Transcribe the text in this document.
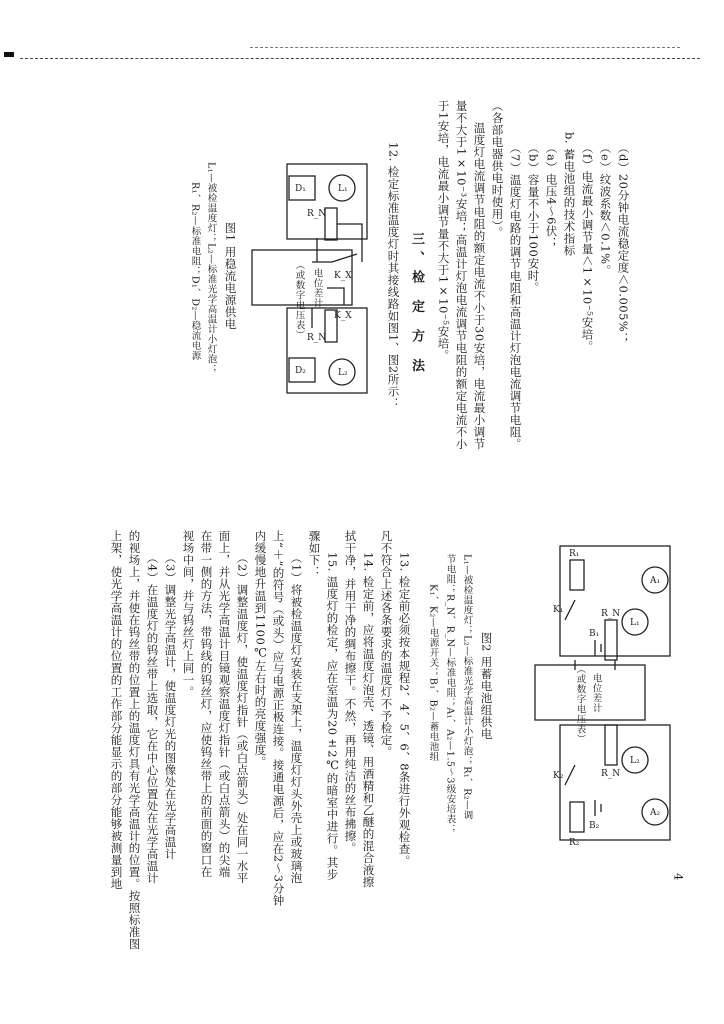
4
（d）20分钟电流稳定度＜0.005%；
（e）纹波系数＜0.1%。
（f）电流最小调节量＜1×10⁻⁵安培。
b. 蓄电池组的技术指标
（a）电压4～6伏；
（b）容量不小于100安时。
（7）温度灯电路的调节电阻和高温计灯泡电流调节电阻。
（各部电器供电时使用）。
温度灯电流调节电阻的额定电流不小于30安培，电流最小调节
量不大于1×10⁻³安培；高温计灯泡电流调节电阻的额定电流不小
于1安培，电流最小调节量不大于1×10⁻⁵安培。
三、检 定 方 法
12. 检定标准温度灯时其接线路如图1、图2所示：
L₁
D₁
L₂
D₂
R_N
R_N
K_X
K_X
电位差计
（或数字电压表）
图1 用稳流电源供电
L₁—被检温度灯；L₂—标准光学高温计小灯泡；
R₁、R₂—标准电阻；D₁、D₂—稳流电源
A₁
L₁
R₁
K₁
B₁
R_N
R_N
L₂
A₂
K₂
B₂
R₂
电位差计
（或数字电压表）
图2 用蓄电池组供电
L₁—被检温度灯；L₂—标准光学高温计小灯泡；R₁、R₂—调
节电阻；R_N、R_N—标准电阻；A₁、A₂—1.5～3级安培表；
K₁、K₂—电源开关；B₁、B₂—蓄电池组
13. 检定前必须按本规程2、4、5、6、8条进行外观检查。
凡不符合上述各条要求的温度灯不予检定。
14. 检定前，应将温度灯泡壳、透镜、用酒精和乙醚的混合液擦
拭干净，并用干净的绸布擦干。不然，再用纯洁的丝布拂擦。
15. 温度灯的检定，应在室温为20±2℃的暗室中进行。其步
骤如下：
（1）将被检温度灯安装在支架上，温度灯灯头外壳上或玻璃泡
上“＋”的符号（或头）应与电源正极连接。接通电源后，应在2～3分钟
内缓慢地升温到1100℃左右时的亮度强度。
（2）调整温度灯，使温度灯指针（或白点箭头）处在同一水平
面上，并从光学高温计目镜观察温度灯指针（或白点箭头）的尖端
在带一侧的方法，带钨线的钨丝灯，应使钨丝带上的前面的窗口在
视场中间，并与钨丝灯上同一。
（3）调整光学高温计，使温度灯光的图像处在光学高温计
（4）在温度灯的钨丝带上选取，它在中心位置处在光学高温计
的视场上，并使在钨丝带的位置上的温度灯具有光学高温计的位置。按照标准图
上架，使光学高温计的位置的工作部分能显示的部分能够被测量到地
